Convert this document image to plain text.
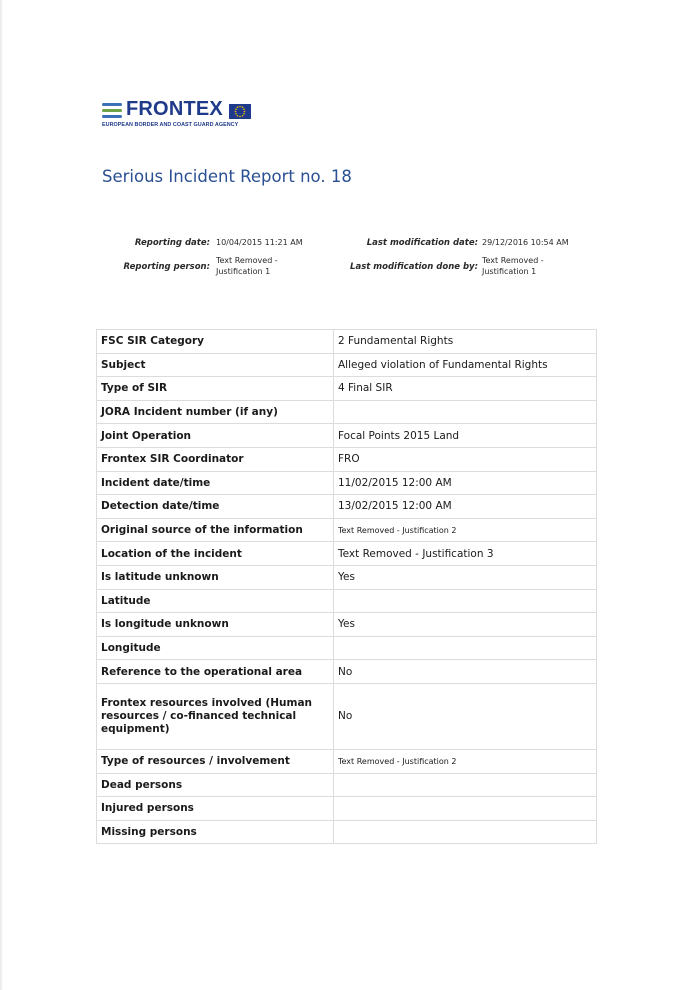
FRONTEX
EUROPEAN BORDER AND COAST GUARD AGENCY
Serious Incident Report no. 18
Reporting date: 10/04/2015 11:21 AM
Reporting person:
Text Removed -
Justification 1
Last modification date: 29/12/2016 10:54 AM
Last modification done by:
Text Removed -
Justification 1
FSC SIR Category	2 Fundamental Rights
Subject	Alleged violation of Fundamental Rights
Type of SIR	4 Final SIR
JORA Incident number (if any)	
Joint Operation	Focal Points 2015 Land
Frontex SIR Coordinator	FRO
Incident date/time	11/02/2015 12:00 AM
Detection date/time	13/02/2015 12:00 AM
Original source of the information	Text Removed - Justification 2
Location of the incident	Text Removed - Justification 3
Is latitude unknown	Yes
Latitude	
Is longitude unknown	Yes
Longitude	
Reference to the operational area	No
Frontex resources involved (Human resources / co-financed technical equipment)	No
Type of resources / involvement	Text Removed - Justification 2
Dead persons	
Injured persons	
Missing persons	
